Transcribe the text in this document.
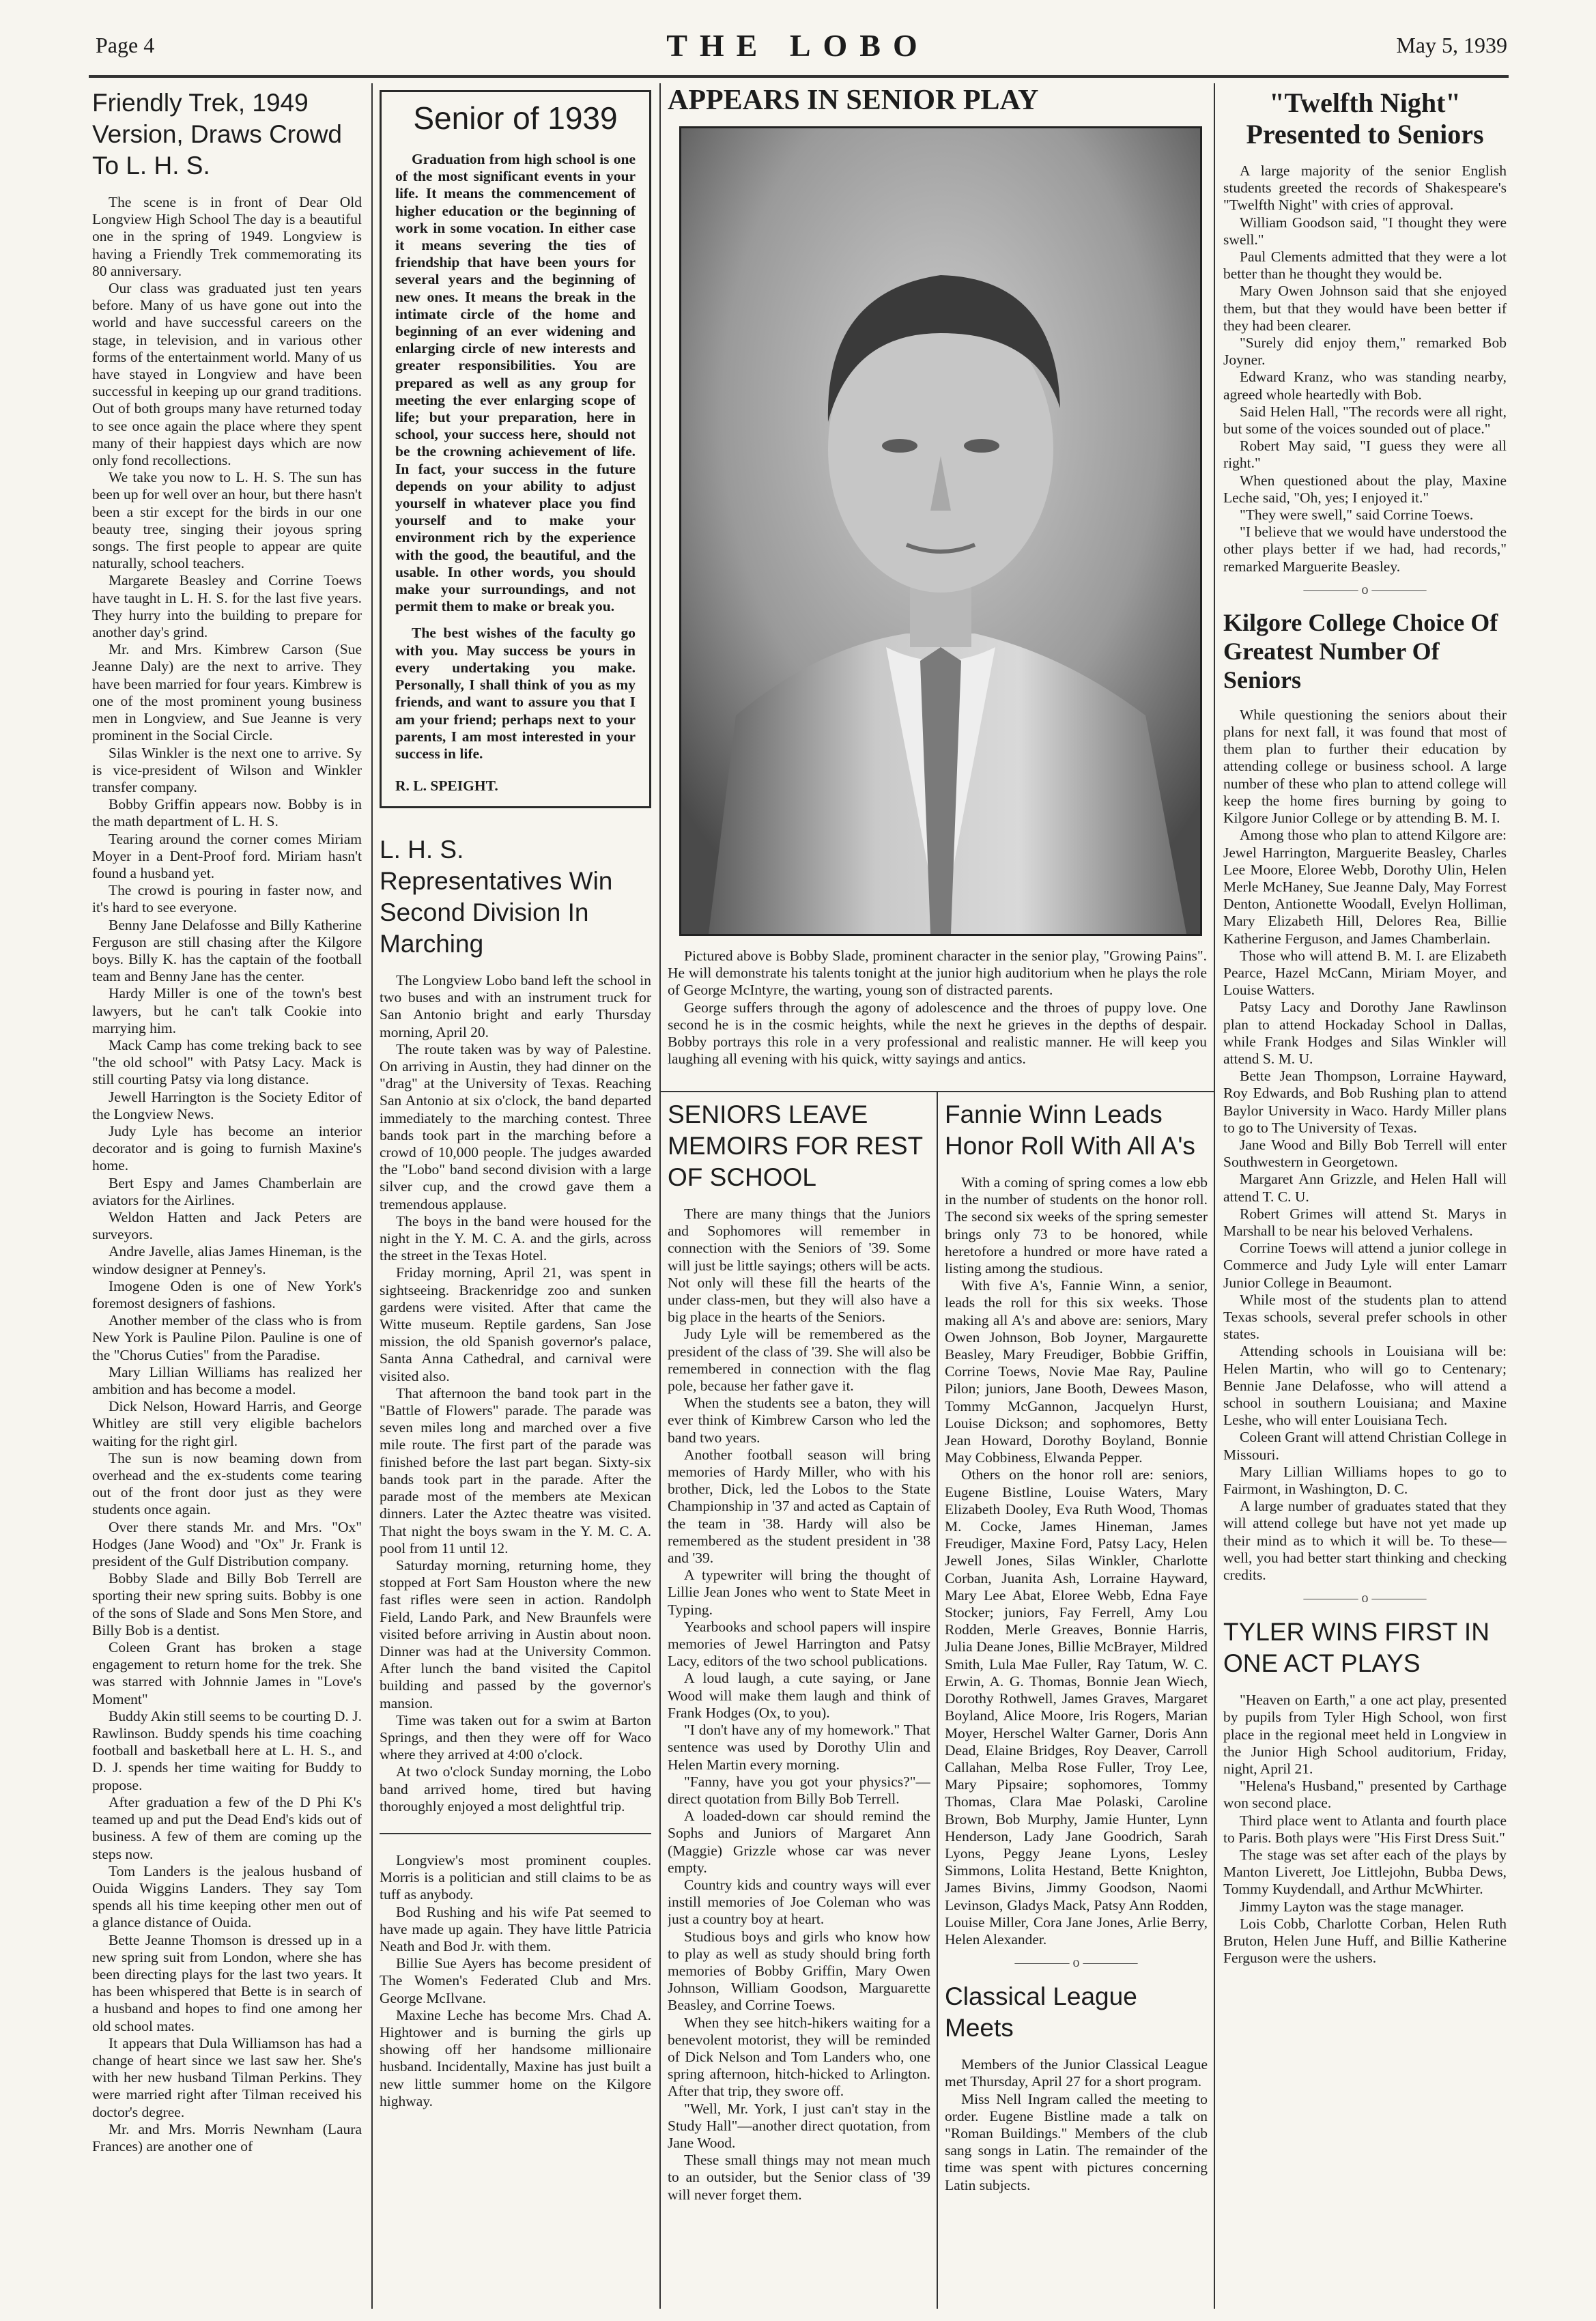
Page 4	THE LOBO	May 5, 1939
Friendly Trek, 1949 Version, Draws Crowd To L. H. S.

The scene is in front of Dear Old Longview High School The day is a beautiful one in the spring of 1949. Longview is having a Friendly Trek commemorating its 80 anniversary.

Our class was graduated just ten years before. Many of us have gone out into the world and have successful careers on the stage, in television, and in various other forms of the entertainment world. Many of us have stayed in Longview and have been successful in keeping up our grand traditions. Out of both groups many have returned today to see once again the place where they spent many of their happiest days which are now only fond recollections.

We take you now to L. H. S. The sun has been up for well over an hour, but there hasn't been a stir except for the birds in our one beauty tree, singing their joyous spring songs. The first people to appear are quite naturally, school teachers.

Margarete Beasley and Corrine Toews have taught in L. H. S. for the last five years. They hurry into the building to prepare for another day's grind.

Mr. and Mrs. Kimbrew Carson (Sue Jeanne Daly) are the next to arrive. They have been married for four years. Kimbrew is one of the most prominent young business men in Longview, and Sue Jeanne is very prominent in the Social Circle.

Silas Winkler is the next one to arrive. Sy is vice-president of Wilson and Winkler transfer company.

Bobby Griffin appears now. Bobby is in the math department of L. H. S.

Tearing around the corner comes Miriam Moyer in a Dent-Proof ford. Miriam hasn't found a husband yet.

The crowd is pouring in faster now, and it's hard to see everyone.

Benny Jane Delafosse and Billy Katherine Ferguson are still chasing after the Kilgore boys. Billy K. has the captain of the football team and Benny Jane has the center.

Hardy Miller is one of the town's best lawyers, but he can't talk Cookie into marrying him.

Mack Camp has come treking back to see "the old school" with Patsy Lacy. Mack is still courting Patsy via long distance.

Jewell Harrington is the Society Editor of the Longview News.

Judy Lyle has become an interior decorator and is going to furnish Maxine's home.

Bert Espy and James Chamberlain are aviators for the Airlines.

Weldon Hatten and Jack Peters are surveyors.

Andre Javelle, alias James Hineman, is the window designer at Penney's.

Imogene Oden is one of New York's foremost designers of fashions.

Another member of the class who is from New York is Pauline Pilon. Pauline is one of the "Chorus Cuties" from the Paradise.

Mary Lillian Williams has realized her ambition and has become a model.

Dick Nelson, Howard Harris, and George Whitley are still very eligible bachelors waiting for the right girl.

The sun is now beaming down from overhead and the ex-students come tearing out of the front door just as they were students once again.

Over there stands Mr. and Mrs. "Ox" Hodges (Jane Wood) and "Ox" Jr. Frank is president of the Gulf Distribution company.

Bobby Slade and Billy Bob Terrell are sporting their new spring suits. Bobby is one of the sons of Slade and Sons Men Store, and Billy Bob is a dentist.

Coleen Grant has broken a stage engagement to return home for the trek. She was starred with Johnnie James in "Love's Moment"

Buddy Akin still seems to be courting D. J. Rawlinson. Buddy spends his time coaching football and basketball here at L. H. S., and D. J. spends her time waiting for Buddy to propose.

After graduation a few of the D Phi K's teamed up and put the Dead End's kids out of business. A few of them are coming up the steps now.

Tom Landers is the jealous husband of Ouida Wiggins Landers. They say Tom spends all his time keeping other men out of a glance distance of Ouida.

Bette Jeanne Thomson is dressed up in a new spring suit from London, where she has been directing plays for the last two years. It has been whispered that Bette is in search of a husband and hopes to find one among her old school mates.

It appears that Dula Williamson has had a change of heart since we last saw her. She's with her new husband Tilman Perkins. They were married right after Tilman received his doctor's degree.

Mr. and Mrs. Morris Newnham (Laura Frances) are another one of

Senior of 1939

Graduation from high school is one of the most significant events in your life. It means the commencement of higher education or the beginning of work in some vocation. In either case it means severing the ties of friendship that have been yours for several years and the beginning of new ones. It means the break in the intimate circle of the home and beginning of an ever widening and enlarging circle of new interests and greater responsibilities. You are prepared as well as any group for meeting the ever enlarging scope of life; but your preparation, here in school, your success here, should not be the crowning achievement of life. In fact, your success in the future depends on your ability to adjust yourself in whatever place you find yourself and to make your environment rich by the experience with the good, the beautiful, and the usable. In other words, you should make your surroundings, and not permit them to make or break you.

The best wishes of the faculty go with you. May success be yours in every undertaking you make. Personally, I shall think of you as my friends, and want to assure you that I am your friend; perhaps next to your parents, I am most interested in your success in life.

R. L. SPEIGHT.

L. H. S. Representatives Win Second Division In Marching

The Longview Lobo band left the school in two buses and with an instrument truck for San Antonio bright and early Thursday morning, April 20.

The route taken was by way of Palestine. On arriving in Austin, they had dinner on the "drag" at the University of Texas. Reaching San Antonio at six o'clock, the band departed immediately to the marching contest. Three bands took part in the marching before a crowd of 10,000 people. The judges awarded the "Lobo" band second division with a large silver cup, and the crowd gave them a tremendous applause.

The boys in the band were housed for the night in the Y. M. C. A. and the girls, across the street in the Texas Hotel.

Friday morning, April 21, was spent in sightseeing. Brackenridge zoo and sunken gardens were visited. After that came the Witte museum. Reptile gardens, San Jose mission, the old Spanish governor's palace, Santa Anna Cathedral, and carnival were visited also.

That afternoon the band took part in the "Battle of Flowers" parade. The parade was seven miles long and marched over a five mile route. The first part of the parade was finished before the last part began. Sixty-six bands took part in the parade. After the parade most of the members ate Mexican dinners. Later the Aztec theatre was visited. That night the boys swam in the Y. M. C. A. pool from 11 until 12.

Saturday morning, returning home, they stopped at Fort Sam Houston where the new fast rifles were seen in action. Randolph Field, Lando Park, and New Braunfels were visited before arriving in Austin about noon. Dinner was had at the University Common. After lunch the band visited the Capitol building and passed by the governor's mansion.

Time was taken out for a swim at Barton Springs, and then they were off for Waco where they arrived at 4:00 o'clock.

At two o'clock Sunday morning, the Lobo band arrived home, tired but having thoroughly enjoyed a most delightful trip.

Longview's most prominent couples. Morris is a politician and still claims to be as tuff as anybody.

Bod Rushing and his wife Pat seemed to have made up again. They have little Patricia Neath and Bod Jr. with them.

Billie Sue Ayers has become president of The Women's Federated Club and Mrs. George McIlvane.

Maxine Leche has become Mrs. Chad A. Hightower and is burning the girls up showing off her handsome millionaire husband. Incidentally, Maxine has just built a new little summer home on the Kilgore highway.

APPEARS IN SENIOR PLAY

Pictured above is Bobby Slade, prominent character in the senior play, "Growing Pains". He will demonstrate his talents tonight at the junior high auditorium when he plays the role of George McIntyre, the warting, young son of distracted parents.

George suffers through the agony of adolescence and the throes of puppy love. One second he is in the cosmic heights, while the next he grieves in the depths of despair. Bobby portrays this role in a very professional and realistic manner. He will keep you laughing all evening with his quick, witty sayings and antics.

SENIORS LEAVE MEMOIRS FOR REST OF SCHOOL

There are many things that the Juniors and Sophomores will remember in connection with the Seniors of '39. Some will just be little sayings; others will be acts. Not only will these fill the hearts of the under class-men, but they will also have a big place in the hearts of the Seniors.

Judy Lyle will be remembered as the president of the class of '39. She will also be remembered in connection with the flag pole, because her father gave it.

When the students see a baton, they will ever think of Kimbrew Carson who led the band two years.

Another football season will bring memories of Hardy Miller, who with his brother, Dick, led the Lobos to the State Championship in '37 and acted as Captain of the team in '38. Hardy will also be remembered as the student president in '38 and '39.

A typewriter will bring the thought of Lillie Jean Jones who went to State Meet in Typing.

Yearbooks and school papers will inspire memories of Jewel Harrington and Patsy Lacy, editors of the two school publications.

A loud laugh, a cute saying, or Jane Wood will make them laugh and think of Frank Hodges (Ox, to you).

"I don't have any of my homework." That sentence was used by Dorothy Ulin and Helen Martin every morning.

"Fanny, have you got your physics?"—direct quotation from Billy Bob Terrell.

A loaded-down car should remind the Sophs and Juniors of Margaret Ann (Maggie) Grizzle whose car was never empty.

Country kids and country ways will ever instill memories of Joe Coleman who was just a country boy at heart.

Studious boys and girls who know how to play as well as study should bring forth memories of Bobby Griffin, Mary Owen Johnson, William Goodson, Marguarette Beasley, and Corrine Toews.

When they see hitch-hikers waiting for a benevolent motorist, they will be reminded of Dick Nelson and Tom Landers who, one spring afternoon, hitch-hicked to Arlington. After that trip, they swore off.

"Well, Mr. York, I just can't stay in the Study Hall"—another direct quotation, from Jane Wood.

These small things may not mean much to an outsider, but the Senior class of '39 will never forget them.

Fannie Winn Leads Honor Roll With All A's

With a coming of spring comes a low ebb in the number of students on the honor roll. The second six weeks of the spring semester brings only 73 to be honored, while heretofore a hundred or more have rated a listing among the studious.

With five A's, Fannie Winn, a senior, leads the roll for this six weeks. Those making all A's and above are: seniors, Mary Owen Johnson, Bob Joyner, Margaurette Beasley, Mary Freudiger, Bobbie Griffin, Corrine Toews, Novie Mae Ray, Pauline Pilon; juniors, Jane Booth, Dewees Mason, Tommy McGannon, Jacquelyn Hurst, Louise Dickson; and sophomores, Betty Jean Howard, Dorothy Boyland, Bonnie May Cobbiness, Elwanda Pepper.

Others on the honor roll are: seniors, Eugene Bistline, Louise Waters, Mary Elizabeth Dooley, Eva Ruth Wood, Thomas M. Cocke, James Hineman, James Freudiger, Maxine Ford, Patsy Lacy, Helen Jewell Jones, Silas Winkler, Charlotte Corban, Juanita Ash, Lorraine Hayward, Mary Lee Abat, Eloree Webb, Edna Faye Stocker; juniors, Fay Ferrell, Amy Lou Rodden, Merle Greaves, Bonnie Harris, Julia Deane Jones, Billie McBrayer, Mildred Smith, Lula Mae Fuller, Ray Tatum, W. C. Erwin, A. G. Thomas, Bonnie Jean Wiech, Dorothy Rothwell, James Graves, Margaret Boyland, Alice Moore, Iris Rogers, Marian Moyer, Herschel Walter Garner, Doris Ann Dead, Elaine Bridges, Roy Deaver, Carroll Callahan, Melba Rose Fuller, Troy Lee, Mary Pipsaire; sophomores, Tommy Thomas, Clara Mae Polaski, Caroline Brown, Bob Murphy, Jamie Hunter, Lynn Henderson, Lady Jane Goodrich, Sarah Lyons, Peggy Jeane Lyons, Lesley Simmons, Lolita Hestand, Bette Knighton, James Bivins, Jimmy Goodson, Naomi Levinson, Gladys Mack, Patsy Ann Rodden, Louise Miller, Cora Jane Jones, Arlie Berry, Helen Alexander.

———— o ————
Classical League Meets

Members of the Junior Classical League met Thursday, April 27 for a short program.

Miss Nell Ingram called the meeting to order. Eugene Bistline made a talk on "Roman Buildings." Members of the club sang songs in Latin. The remainder of the time was spent with pictures concerning Latin subjects.

"Twelfth Night" Presented to Seniors

A large majority of the senior English students greeted the records of Shakespeare's "Twelfth Night" with cries of approval.

William Goodson said, "I thought they were swell."

Paul Clements admitted that they were a lot better than he thought they would be.

Mary Owen Johnson said that she enjoyed them, but that they would have been better if they had been clearer.

"Surely did enjoy them," remarked Bob Joyner.

Edward Kranz, who was standing nearby, agreed whole heartedly with Bob.

Said Helen Hall, "The records were all right, but some of the voices sounded out of place."

Robert May said, "I guess they were all right."

When questioned about the play, Maxine Leche said, "Oh, yes; I enjoyed it."

"They were swell," said Corrine Toews.

"I believe that we would have understood the other plays better if we had, had records," remarked Marguerite Beasley.

———— o ————
Kilgore College Choice Of Greatest Number Of Seniors

While questioning the seniors about their plans for next fall, it was found that most of them plan to further their education by attending college or business school. A large number of these who plan to attend college will keep the home fires burning by going to Kilgore Junior College or by attending B. M. I.

Among those who plan to attend Kilgore are: Jewel Harrington, Marguerite Beasley, Charles Lee Moore, Eloree Webb, Dorothy Ulin, Helen Merle McHaney, Sue Jeanne Daly, May Forrest Denton, Antionette Woodall, Evelyn Holliman, Mary Elizabeth Hill, Delores Rea, Billie Katherine Ferguson, and James Chamberlain.

Those who will attend B. M. I. are Elizabeth Pearce, Hazel McCann, Miriam Moyer, and Louise Watters.

Patsy Lacy and Dorothy Jane Rawlinson plan to attend Hockaday School in Dallas, while Frank Hodges and Silas Winkler will attend S. M. U.

Bette Jean Thompson, Lorraine Hayward, Roy Edwards, and Bob Rushing plan to attend Baylor University in Waco. Hardy Miller plans to go to The University of Texas.

Jane Wood and Billy Bob Terrell will enter Southwestern in Georgetown.

Margaret Ann Grizzle, and Helen Hall will attend T. C. U.

Robert Grimes will attend St. Marys in Marshall to be near his beloved Verhalens.

Corrine Toews will attend a junior college in Commerce and Judy Lyle will enter Lamarr Junior College in Beaumont.

While most of the students plan to attend Texas schools, several prefer schools in other states.

Attending schools in Louisiana will be: Helen Martin, who will go to Centenary; Bennie Jane Delafosse, who will attend a school in southern Louisiana; and Maxine Leshe, who will enter Louisiana Tech.

Coleen Grant will attend Christian College in Missouri.

Mary Lillian Williams hopes to go to Fairmont, in Washington, D. C.

A large number of graduates stated that they will attend college but have not yet made up their mind as to which it will be. To these—well, you had better start thinking and checking credits.

———— o ————
TYLER WINS FIRST IN ONE ACT PLAYS

"Heaven on Earth," a one act play, presented by pupils from Tyler High School, won first place in the regional meet held in Longview in the Junior High School auditorium, Friday, night, April 21.

"Helena's Husband," presented by Carthage won second place.

Third place went to Atlanta and fourth place to Paris. Both plays were "His First Dress Suit."

The stage was set after each of the plays by Manton Liverett, Joe Littlejohn, Bubba Dews, Tommy Kuydendall, and Arthur McWhirter.

Jimmy Layton was the stage manager.

Lois Cobb, Charlotte Corban, Helen Ruth Bruton, Helen June Huff, and Billie Katherine Ferguson were the ushers.
